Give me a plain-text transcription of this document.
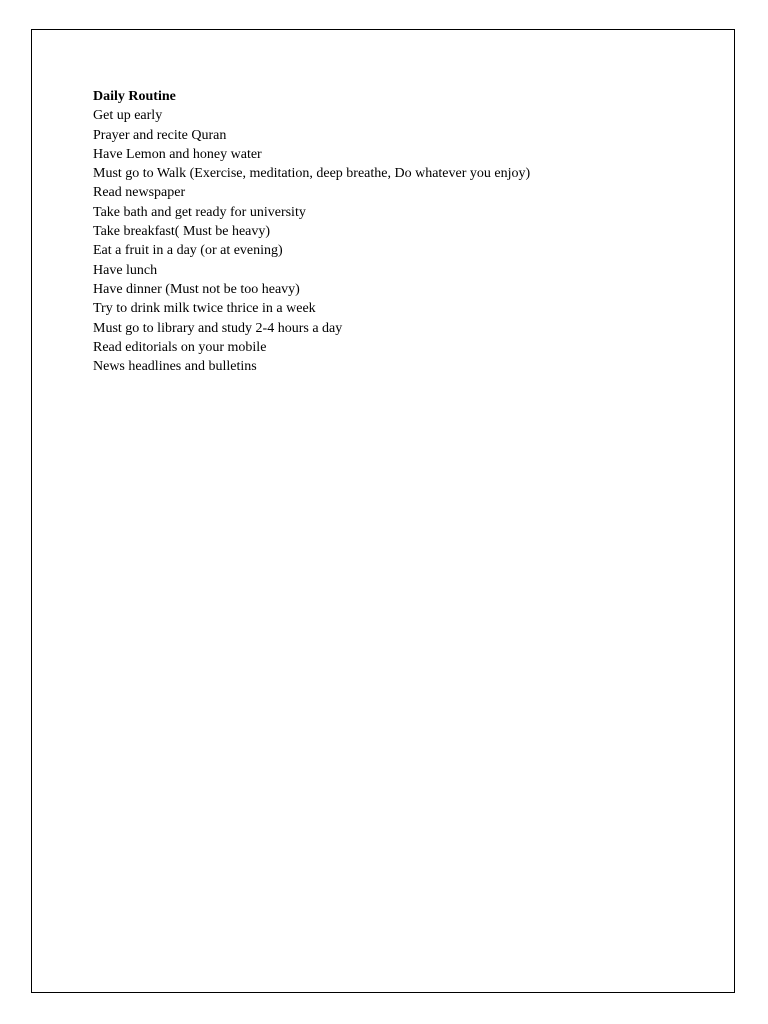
Daily Routine

Get up early

Prayer and recite Quran

Have Lemon and honey water

Must go to Walk (Exercise, meditation, deep breathe, Do whatever you enjoy)

Read newspaper

Take bath and get ready for university

Take breakfast( Must be heavy)

Eat a fruit in a day (or at evening)

Have lunch

Have dinner (Must not be too heavy)

Try to drink milk twice thrice in a week

Must go to library and study 2-4 hours a day

Read editorials on your mobile

News headlines and bulletins
